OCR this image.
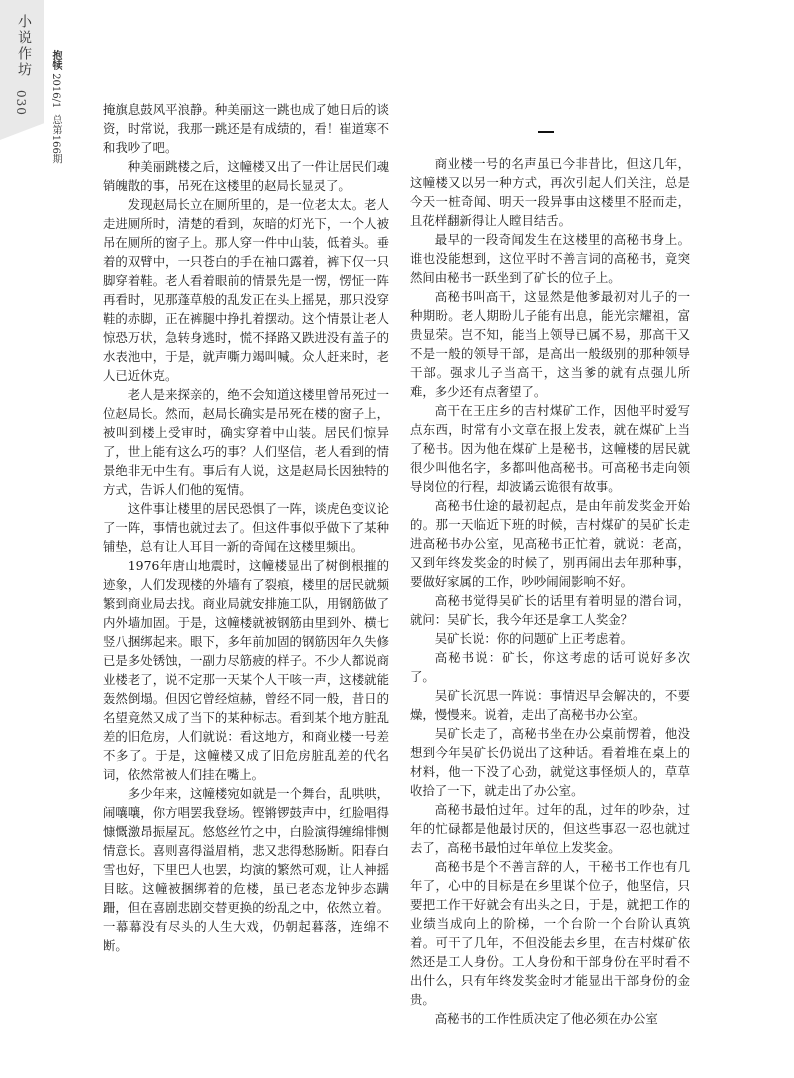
小说作坊
030
抱犊 2016/1  总第166期

掩旗息鼓风平浪静。种美丽这一跳也成了她日后的谈资，时常说，我那一跳还是有成绩的，看！崔道寒不和我吵了吧。

种美丽跳楼之后，这幢楼又出了一件让居民们魂销魄散的事，吊死在这楼里的赵局长显灵了。

发现赵局长立在厕所里的，是一位老太太。老人走进厕所时，清楚的看到，灰暗的灯光下，一个人被吊在厕所的窗子上。那人穿一件中山装，低着头。垂着的双臂中，一只苍白的手在袖口露着，裤下仅一只脚穿着鞋。老人看着眼前的情景先是一愣，愣怔一阵再看时，见那蓬草般的乱发正在头上摇晃，那只没穿鞋的赤脚，正在裤腿中挣扎着摆动。这个情景让老人惊恐万状，急转身逃时，慌不择路又跌进没有盖子的水表池中，于是，就声嘶力竭叫喊。众人赶来时，老人已近休克。

老人是来探亲的，绝不会知道这楼里曾吊死过一位赵局长。然而，赵局长确实是吊死在楼的窗子上，被叫到楼上受审时，确实穿着中山装。居民们惊异了，世上能有这么巧的事？人们坚信，老人看到的情景绝非无中生有。事后有人说，这是赵局长因独特的方式，告诉人们他的冤情。

这件事让楼里的居民恐惧了一阵，谈虎色变议论了一阵，事情也就过去了。但这件事似乎做下了某种铺垫，总有让人耳目一新的奇闻在这楼里频出。

1976年唐山地震时，这幢楼显出了树倒根摧的迹象，人们发现楼的外墙有了裂痕，楼里的居民就频繁到商业局去找。商业局就安排施工队，用钢筋做了内外墙加固。于是，这幢楼就被钢筋由里到外、横七竖八捆绑起来。眼下，多年前加固的钢筋因年久失修已是多处锈蚀，一副力尽筋疲的样子。不少人都说商业楼老了，说不定那一天某个人干咳一声，这楼就能轰然倒塌。但因它曾经煊赫，曾经不同一般，昔日的名望竟然又成了当下的某种标志。看到某个地方脏乱差的旧危房，人们就说：看这地方，和商业楼一号差不多了。于是，这幢楼又成了旧危房脏乱差的代名词，依然常被人们挂在嘴上。

多少年来，这幢楼宛如就是一个舞台，乱哄哄，闹嚷嚷，你方唱罢我登场。铿锵锣鼓声中，红脸唱得慷慨激昂振屋瓦。悠悠丝竹之中，白脸演得缠绵悱恻情意长。喜则喜得溢眉梢，悲又悲得愁肠断。阳春白雪也好，下里巴人也罢，均演的繁然可观，让人神摇目眩。这幢被捆绑着的危楼，虽已老态龙钟步态蹒跚，但在喜剧悲剧交替更换的纷乱之中，依然立着。一幕幕没有尽头的人生大戏，仍朝起暮落，连绵不断。

商业楼一号的名声虽已今非昔比，但这几年，这幢楼又以另一种方式，再次引起人们关注，总是今天一桩奇闻、明天一段异事由这楼里不胫而走，且花样翻新得让人瞠目结舌。

最早的一段奇闻发生在这楼里的高秘书身上。谁也没能想到，这位平时不善言词的高秘书，竟突然间由秘书一跃坐到了矿长的位子上。

高秘书叫高干，这显然是他爹最初对儿子的一种期盼。老人期盼儿子能有出息，能光宗耀祖，富贵显荣。岂不知，能当上领导已属不易，那高干又不是一般的领导干部，是高出一般级别的那种领导干部。强求儿子当高干，这当爹的就有点强儿所难，多少还有点奢望了。

高干在王庄乡的吉村煤矿工作，因他平时爱写点东西，时常有小文章在报上发表，就在煤矿上当了秘书。因为他在煤矿上是秘书，这幢楼的居民就很少叫他名字，多都叫他高秘书。可高秘书走向领导岗位的行程，却波谲云诡很有故事。

高秘书仕途的最初起点，是由年前发奖金开始的。那一天临近下班的时候，吉村煤矿的吴矿长走进高秘书办公室，见高秘书正忙着，就说：老高，又到年终发奖金的时候了，别再闹出去年那种事，要做好家属的工作，吵吵闹闹影响不好。

高秘书觉得吴矿长的话里有着明显的潜台词，就问：吴矿长，我今年还是拿工人奖金？

吴矿长说：你的问题矿上正考虑着。

高秘书说：矿长，你这考虑的话可说好多次了。

吴矿长沉思一阵说：事情迟早会解决的，不要燥，慢慢来。说着，走出了高秘书办公室。

吴矿长走了，高秘书坐在办公桌前愣着，他没想到今年吴矿长仍说出了这种话。看着堆在桌上的材料，他一下没了心劲，就觉这事怪烦人的，草草收拾了一下，就走出了办公室。

高秘书最怕过年。过年的乱，过年的吵杂，过年的忙碌都是他最讨厌的，但这些事忍一忍也就过去了，高秘书最怕过年单位上发奖金。

高秘书是个不善言辞的人，干秘书工作也有几年了，心中的目标是在乡里谋个位子，他坚信，只要把工作干好就会有出头之日，于是，就把工作的业绩当成向上的阶梯，一个台阶一个台阶认真筑着。可干了几年，不但没能去乡里，在吉村煤矿依然还是工人身份。工人身份和干部身份在平时看不出什么，只有年终发奖金时才能显出干部身份的金贵。

高秘书的工作性质决定了他必须在办公室
